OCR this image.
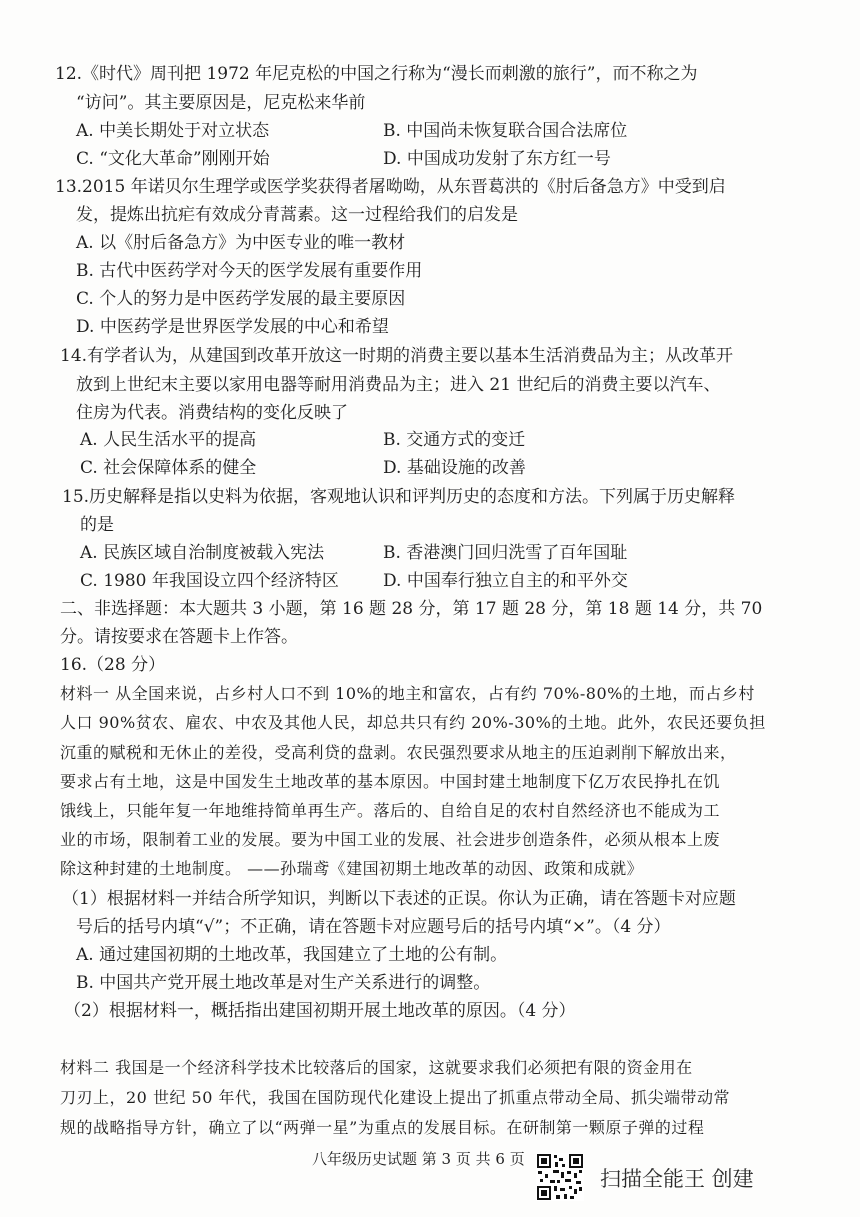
12.《时代》周刊把 1972 年尼克松的中国之行称为“漫长而刺激的旅行”，而不称之为
“访问”。其主要原因是，尼克松来华前
A. 中美长期处于对立状态	B. 中国尚未恢复联合国合法席位
C. “文化大革命”刚刚开始	D. 中国成功发射了东方红一号
13.2015 年诺贝尔生理学或医学奖获得者屠呦呦，从东晋葛洪的《肘后备急方》中受到启
发，提炼出抗疟有效成分青蒿素。这一过程给我们的启发是
A. 以《肘后备急方》为中医专业的唯一教材
B. 古代中医药学对今天的医学发展有重要作用
C. 个人的努力是中医药学发展的最主要原因
D. 中医药学是世界医学发展的中心和希望
14.有学者认为，从建国到改革开放这一时期的消费主要以基本生活消费品为主；从改革开
放到上世纪末主要以家用电器等耐用消费品为主；进入 21 世纪后的消费主要以汽车、
住房为代表。消费结构的变化反映了
A. 人民生活水平的提高	B. 交通方式的变迁
C. 社会保障体系的健全	D. 基础设施的改善
15.历史解释是指以史料为依据，客观地认识和评判历史的态度和方法。下列属于历史解释
的是
A. 民族区域自治制度被载入宪法	B. 香港澳门回归洗雪了百年国耻
C. 1980 年我国设立四个经济特区	D. 中国奉行独立自主的和平外交
二、非选择题：本大题共 3 小题，第 16 题 28 分，第 17 题 28 分，第 18 题 14 分，共 70
分。请按要求在答题卡上作答。
16.（28 分）
材料一 从全国来说，占乡村人口不到 10%的地主和富农，占有约 70%-80%的土地，而占乡村
人口 90%贫农、雇农、中农及其他人民，却总共只有约 20%-30%的土地。此外，农民还要负担
沉重的赋税和无休止的差役，受高利贷的盘剥。农民强烈要求从地主的压迫剥削下解放出来，
要求占有土地，这是中国发生土地改革的基本原因。中国封建土地制度下亿万农民挣扎在饥
饿线上，只能年复一年地维持简单再生产。落后的、自给自足的农村自然经济也不能成为工
业的市场，限制着工业的发展。要为中国工业的发展、社会进步创造条件，必须从根本上废
除这种封建的土地制度。 ——孙瑞鸢《建国初期土地改革的动因、政策和成就》
（1）根据材料一并结合所学知识，判断以下表述的正误。你认为正确，请在答题卡对应题
号后的括号内填“√”；不正确，请在答题卡对应题号后的括号内填“×”。（4 分）
A. 通过建国初期的土地改革，我国建立了土地的公有制。
B. 中国共产党开展土地改革是对生产关系进行的调整。
（2）根据材料一，概括指出建国初期开展土地改革的原因。（4 分）
材料二 我国是一个经济科学技术比较落后的国家，这就要求我们必须把有限的资金用在
刀刃上，20 世纪 50 年代，我国在国防现代化建设上提出了抓重点带动全局、抓尖端带动常
规的战略指导方针，确立了以“两弹一星”为重点的发展目标。在研制第一颗原子弹的过程
八年级历史试题 第 3 页 共 6 页
扫描全能王 创建
